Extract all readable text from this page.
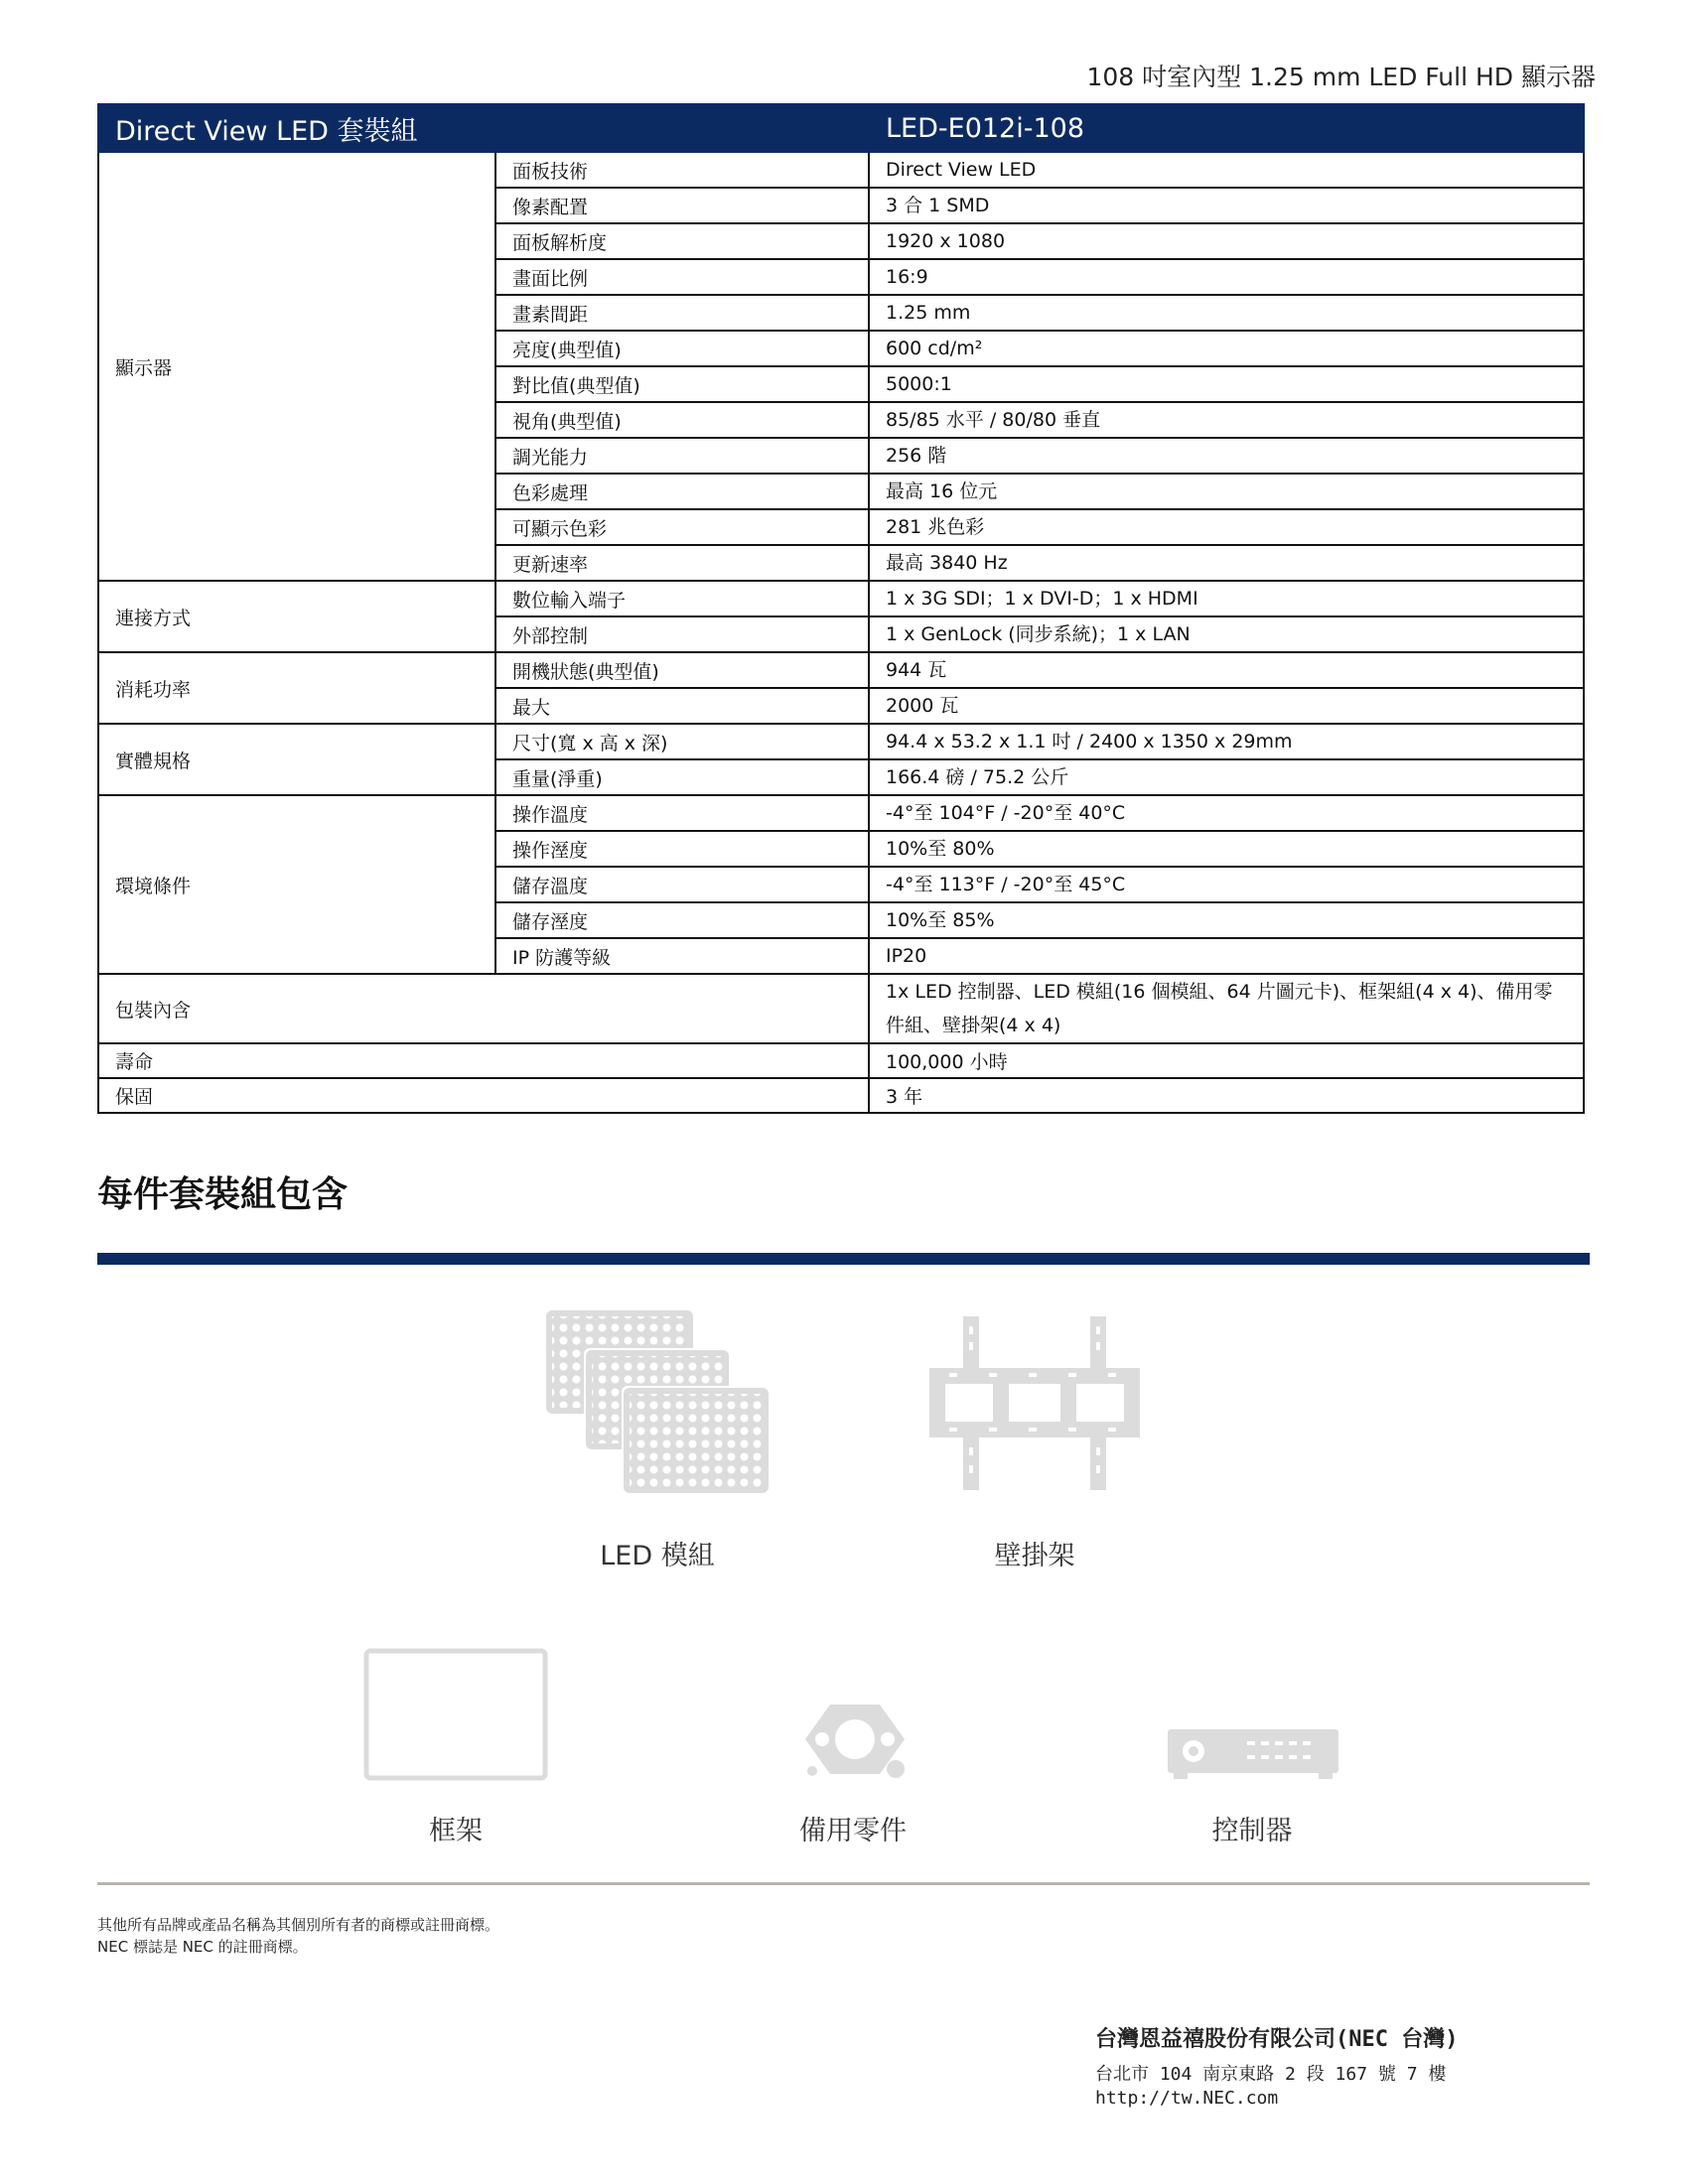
108 吋室內型 1.25 mm LED Full HD 顯示器
Direct View LED 套裝組		LED-E012i-108
顯示器	面板技術	Direct View LED
	像素配置	3 合 1 SMD
	面板解析度	1920 x 1080
	畫面比例	16:9
	畫素間距	1.25 mm
	亮度(典型值)	600 cd/m²
	對比值(典型值)	5000:1
	視角(典型值)	85/85 水平 / 80/80 垂直
	調光能力	256 階
	色彩處理	最高 16 位元
	可顯示色彩	281 兆色彩
	更新速率	最高 3840 Hz
連接方式	數位輸入端子	1 x 3G SDI；1 x DVI-D；1 x HDMI
	外部控制	1 x GenLock (同步系統)；1 x LAN
消耗功率	開機狀態(典型值)	944 瓦
	最大	2000 瓦
實體規格	尺寸(寬 x 高 x 深)	94.4 x 53.2 x 1.1 吋 / 2400 x 1350 x 29mm
	重量(淨重)	166.4 磅 / 75.2 公斤
環境條件	操作溫度	-4°至 104°F / -20°至 40°C
	操作溼度	10%至 80%
	儲存溫度	-4°至 113°F / -20°至 45°C
	儲存溼度	10%至 85%
	IP 防護等級	IP20
包裝內含		1x LED 控制器、LED 模組(16 個模組、64 片圖元卡)、框架組(4 x 4)、備用零件組、壁掛架(4 x 4)
壽命		100,000 小時
保固		3 年
每件套裝組包含
LED 模組	壁掛架
框架	備用零件	控制器
其他所有品牌或產品名稱為其個別所有者的商標或註冊商標。
NEC 標誌是 NEC 的註冊商標。
台灣恩益禧股份有限公司(NEC 台灣)
台北市 104 南京東路 2 段 167 號 7 樓
http://tw.NEC.com
